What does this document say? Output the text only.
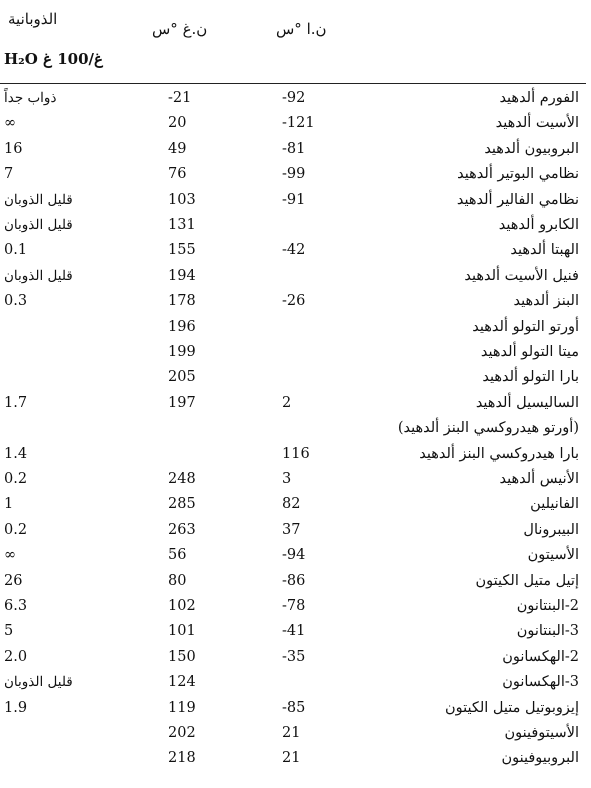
الذوبانية
غ/100 غ H₂O
ن.غ °س	ن.ا °س
الفورم ألدهيد
-92
-21
ذواب جداً
الأسيت ألدهيد
-121
20
∞
البروبيون ألدهيد
-81
49
16
نظامي البوتير ألدهيد
-99
76
7
نظامي الفالير ألدهيد
-91
103
قليل الذوبان
الكابرو ألدهيد
131
قليل الذوبان
الهبتا ألدهيد
-42
155
0.1
فنيل الأسيت ألدهيد
194
قليل الذوبان
البنز ألدهيد
-26
178
0.3
أورتو التولو ألدهيد
196
ميتا التولو ألدهيد
199
بارا التولو ألدهيد
205
الساليسيل ألدهيد
2
197
1.7
(أورتو هيدروكسي البنز ألدهيد)
بارا هيدروكسي البنز ألدهيد
116
1.4
الأنيس ألدهيد
3
248
0.2
الفانيلين
82
285
1
البيبرونال
37
263
0.2
الأسيتون
-94
56
∞
إتيل متيل الكيتون
-86
80
26
2-البنتانون
-78
102
6.3
3-البنتانون
-41
101
5
2-الهكسانون
-35
150
2.0
3-الهكسانون
124
قليل الذوبان
إيزوبوتيل متيل الكيتون
-85
119
1.9
الأسيتوفينون
21
202
البروبيوفينون
21
218
